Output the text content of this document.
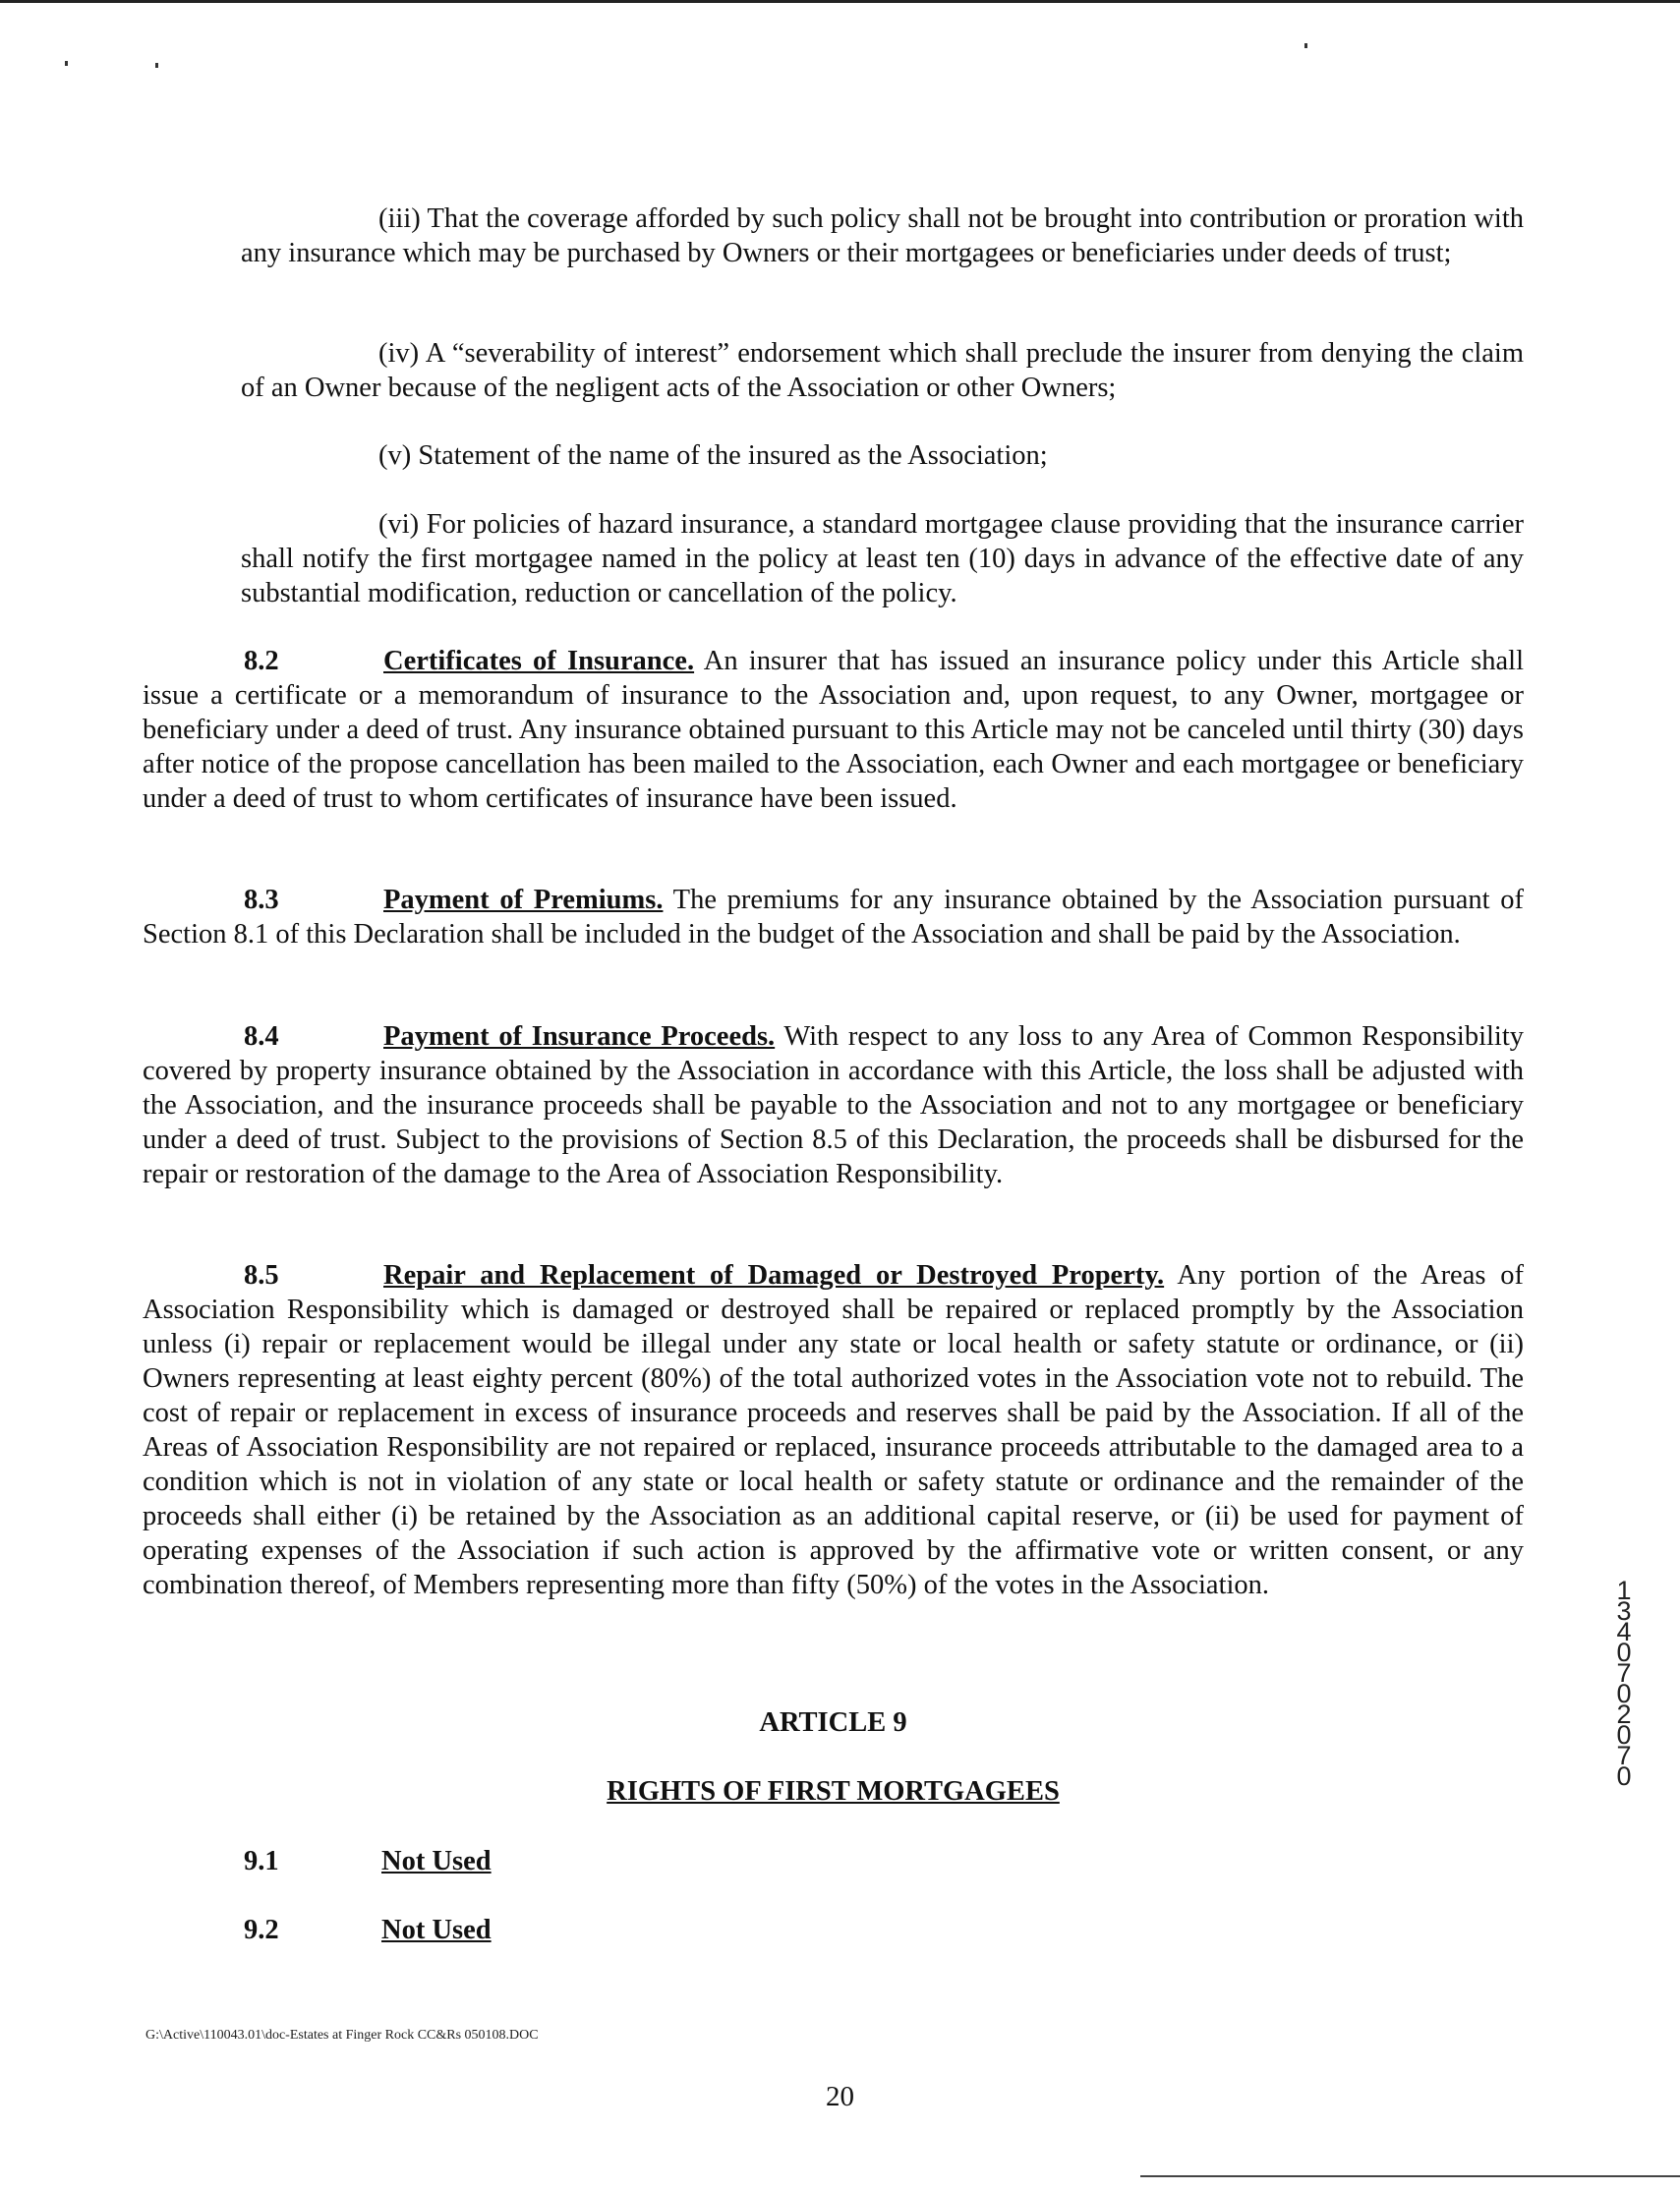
(iii) That the coverage afforded by such policy shall not be brought into contribution or proration with any insurance which may be purchased by Owners or their mortgagees or beneficiaries under deeds of trust;

(iv) A “severability of interest” endorsement which shall preclude the insurer from denying the claim of an Owner because of the negligent acts of the Association or other Owners;

(v) Statement of the name of the insured as the Association;

(vi) For policies of hazard insurance, a standard mortgagee clause providing that the insurance carrier shall notify the first mortgagee named in the policy at least ten (10) days in advance of the effective date of any substantial modification, reduction or cancellation of the policy.

8.2	Certificates of Insurance. An insurer that has issued an insurance policy under this Article shall issue a certificate or a memorandum of insurance to the Association and, upon request, to any Owner, mortgagee or beneficiary under a deed of trust. Any insurance obtained pursuant to this Article may not be canceled until thirty (30) days after notice of the propose cancellation has been mailed to the Association, each Owner and each mortgagee or beneficiary under a deed of trust to whom certificates of insurance have been issued.

8.3	Payment of Premiums. The premiums for any insurance obtained by the Association pursuant of Section 8.1 of this Declaration shall be included in the budget of the Association and shall be paid by the Association.

8.4	Payment of Insurance Proceeds. With respect to any loss to any Area of Common Responsibility covered by property insurance obtained by the Association in accordance with this Article, the loss shall be adjusted with the Association, and the insurance proceeds shall be payable to the Association and not to any mortgagee or beneficiary under a deed of trust. Subject to the provisions of Section 8.5 of this Declaration, the proceeds shall be disbursed for the repair or restoration of the damage to the Area of Association Responsibility.

8.5	Repair and Replacement of Damaged or Destroyed Property. Any portion of the Areas of Association Responsibility which is damaged or destroyed shall be repaired or replaced promptly by the Association unless (i) repair or replacement would be illegal under any state or local health or safety statute or ordinance, or (ii) Owners representing at least eighty percent (80%) of the total authorized votes in the Association vote not to rebuild. The cost of repair or replacement in excess of insurance proceeds and reserves shall be paid by the Association. If all of the Areas of Association Responsibility are not repaired or replaced, insurance proceeds attributable to the damaged area to a condition which is not in violation of any state or local health or safety statute or ordinance and the remainder of the proceeds shall either (i) be retained by the Association as an additional capital reserve, or (ii) be used for payment of operating expenses of the Association if such action is approved by the affirmative vote or written consent, or any combination thereof, of Members representing more than fifty (50%) of the votes in the Association.

ARTICLE 9

RIGHTS OF FIRST MORTGAGEES

9.1	Not Used

9.2	Not Used

G:\Active\110043.01\doc-Estates at Finger Rock CC&Rs 050108.DOC
20
13407 02070
